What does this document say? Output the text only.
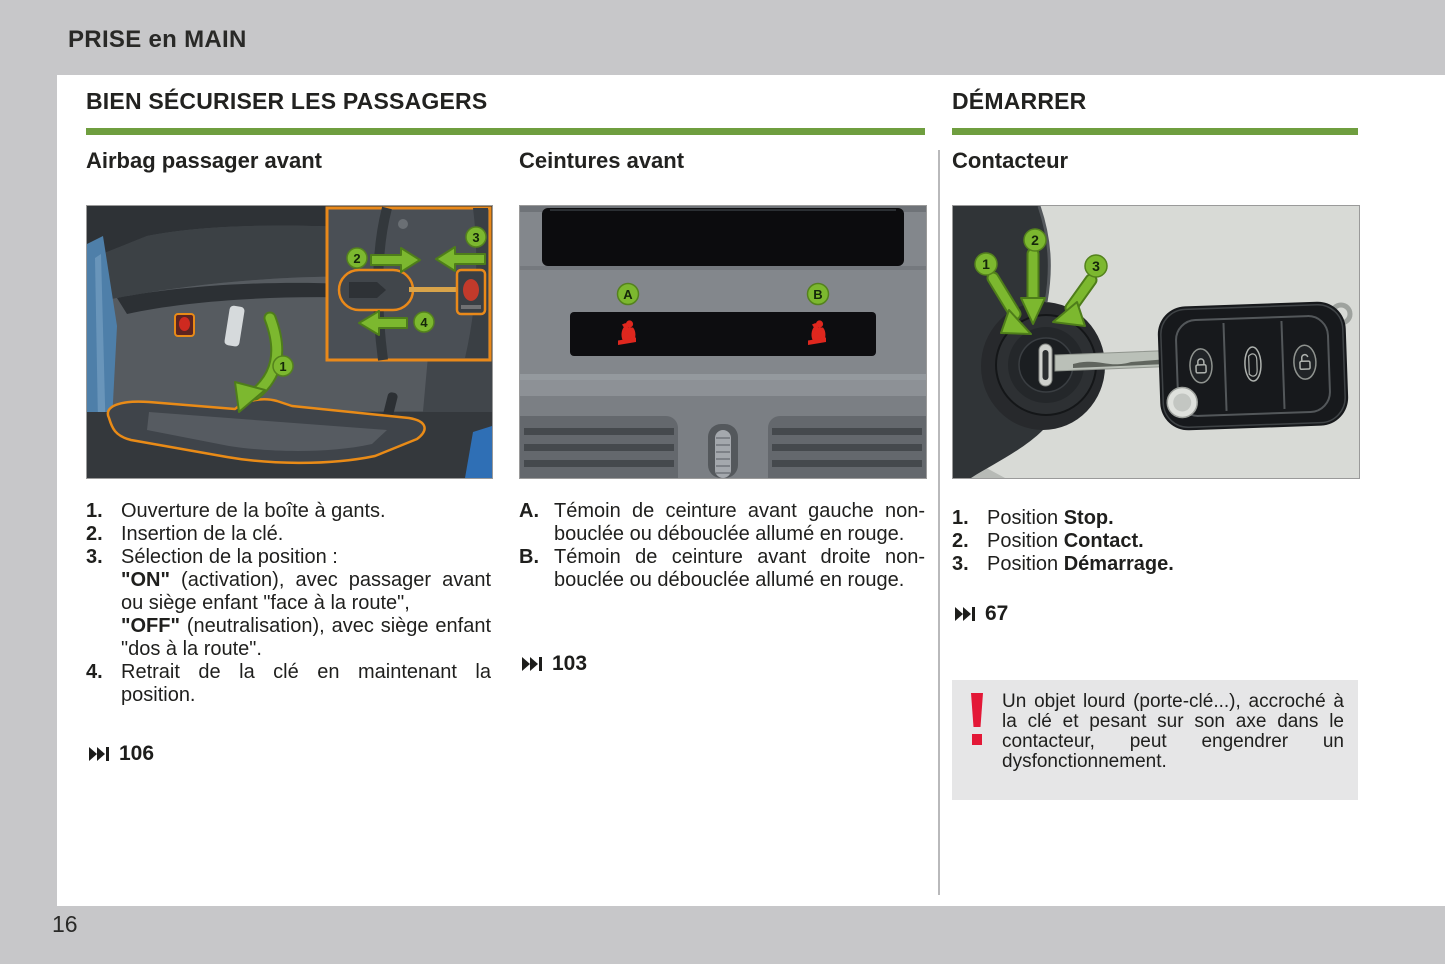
PRISE en MAIN
BIEN SÉCURISER LES PASSAGERS	DÉMARRER
Airbag passager avant	Ceintures avant	Contacteur
1
2
3
4
A	B
1
2
3
1. Ouverture de la boîte à gants.
2. Insertion de la clé.
3. Sélection de la position :
"ON" (activation), avec passager avant ou siège enfant "face à la route",
"OFF" (neutralisation), avec siège enfant "dos à la route".
4. Retrait de la clé en maintenant la position.
A. Témoin de ceinture avant gauche non-bouclée ou débouclée allumé en rouge.
B. Témoin de ceinture avant droite non-bouclée ou débouclée allumé en rouge.
1. Position Stop.
2. Position Contact.
3. Position Démarrage.
106
103
67
Un objet lourd (porte-clé...), accroché à la clé et pesant sur son axe dans le contacteur, peut engendrer un dysfonctionnement.
16
